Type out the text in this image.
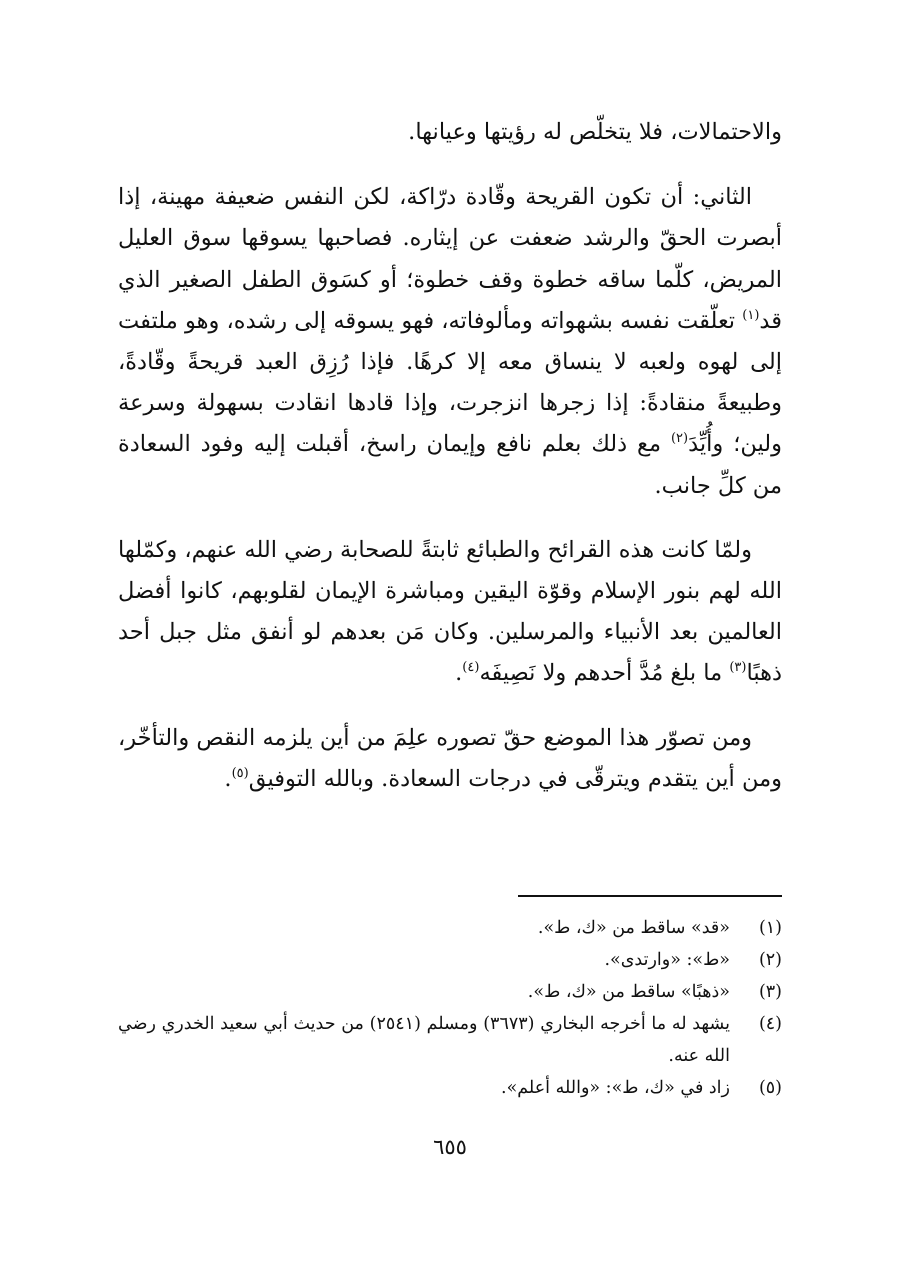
والاحتمالات، فلا يتخلّص له رؤيتها وعيانها.

الثاني: أن تكون القريحة وقّادة درّاكة، لكن النفس ضعيفة مهينة، إذا أبصرت الحقّ والرشد ضعفت عن إيثاره. فصاحبها يسوقها سوق العليل المريض، كلّما ساقه خطوة وقف خطوة؛ أو كسَوق الطفل الصغير الذي قد$^{(١)}$ تعلّقت نفسه بشهواته ومألوفاته، فهو يسوقه إلى رشده، وهو ملتفت إلى لهوه ولعبه لا ينساق معه إلا كرهًا. فإذا رُزِق العبد قريحةً وقّادةً، وطبيعةً منقادةً: إذا زجرها انزجرت، وإذا قادها انقادت بسهولة وسرعة ولين؛ وأُيِّدَ$^{(٢)}$ مع ذلك بعلم نافع وإيمان راسخ، أقبلت إليه وفود السعادة من كلِّ جانب.

ولمّا كانت هذه القرائح والطبائع ثابتةً للصحابة رضي الله عنهم، وكمّلها الله لهم بنور الإسلام وقوّة اليقين ومباشرة الإيمان لقلوبهم، كانوا أفضل العالمين بعد الأنبياء والمرسلين. وكان مَن بعدهم لو أنفق مثل جبل أحد ذهبًا$^{(٣)}$ ما بلغ مُدَّ أحدهم ولا نَصِيفَه$^{(٤)}$.

ومن تصوّر هذا الموضع حقّ تصوره علِمَ من أين يلزمه النقص والتأخّر، ومن أين يتقدم ويترقّى في درجات السعادة. وبالله التوفيق$^{(٥)}$.

(١)
«قد» ساقط من «ك، ط».
(٢)
«ط»: «وارتدى».
(٣)
«ذهبًا» ساقط من «ك، ط».
(٤)
يشهد له ما أخرجه البخاري (٣٦٧٣) ومسلم (٢٥٤١) من حديث أبي سعيد الخدري رضي الله عنه.
(٥)
زاد في «ك، ط»: «والله أعلم».
٦٥٥
